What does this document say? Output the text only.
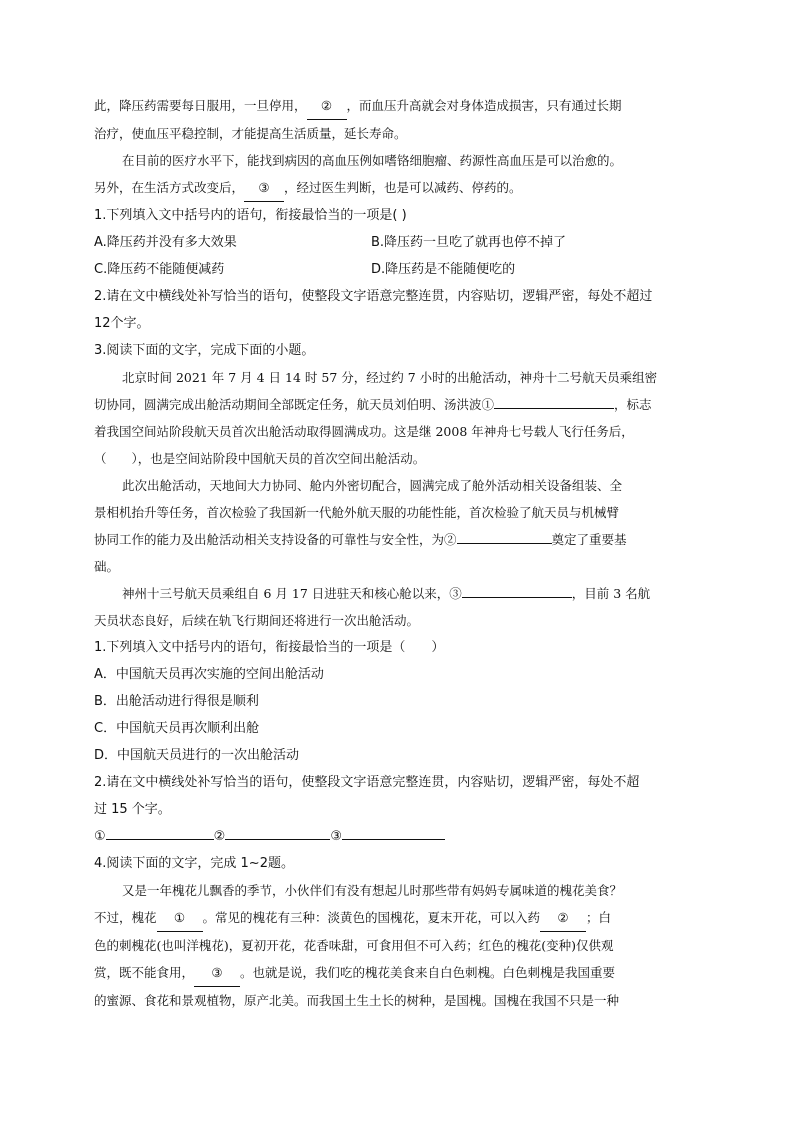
此，降压药需要每日服用，一旦停用， ② ，而血压升高就会对身体造成损害，只有通过长期

治疗，使血压平稳控制，才能提高生活质量，延长寿命。

在目前的医疗水平下，能找到病因的高血压例如嗜铬细胞瘤、药源性高血压是可以治愈的。

另外，在生活方式改变后， ③ ，经过医生判断，也是可以减药、停药的。

1.下列填入文中括号内的语句，衔接最恰当的一项是( )

A.降压药并没有多大效果	B.降压药一旦吃了就再也停不掉了
C.降压药不能随便减药	D.降压药是不能随便吃的

2.请在文中横线处补写恰当的语句，使整段文字语意完整连贯，内容贴切，逻辑严密，每处不超过

12个字。

3.阅读下面的文字，完成下面的小题。

北京时间 2021 年 7 月 4 日 14 时 57 分，经过约 7 小时的出舱活动，神舟十二号航天员乘组密

切协同，圆满完成出舱活动期间全部既定任务，航天员刘伯明、汤洪波①	，标志

着我国空间站阶段航天员首次出舱活动取得圆满成功。这是继 2008 年神舟七号载人飞行任务后，

（　　），也是空间站阶段中国航天员的首次空间出舱活动。

此次出舱活动，天地间大力协同、舱内外密切配合，圆满完成了舱外活动相关设备组装、全

景相机抬升等任务，首次检验了我国新一代舱外航天服的功能性能，首次检验了航天员与机械臂

协同工作的能力及出舱活动相关支持设备的可靠性与安全性，为②	奠定了重要基

础。

神州十三号航天员乘组自 6 月 17 日进驻天和核心舱以来，③	，目前 3 名航

天员状态良好，后续在轨飞行期间还将进行一次出舱活动。

1.下列填入文中括号内的语句，衔接最恰当的一项是（　　）

A．中国航天员再次实施的空间出舱活动

B．出舱活动进行得很是顺利

C．中国航天员再次顺利出舱

D．中国航天员进行的一次出舱活动

2.请在文中横线处补写恰当的语句，使整段文字语意完整连贯，内容贴切，逻辑严密，每处不超

过 15 个字。

①	②	③

4.阅读下面的文字，完成 1~2题。

又是一年槐花儿飘香的季节，小伙伴们有没有想起儿时那些带有妈妈专属味道的槐花美食？

不过，槐花 ① 。常见的槐花有三种：淡黄色的国槐花，夏末开花，可以入药 ② ；白

色的刺槐花(也叫洋槐花)，夏初开花，花香味甜，可食用但不可入药；红色的槐花(变种)仅供观

赏，既不能食用， ③ 。也就是说，我们吃的槐花美食来自白色刺槐。白色刺槐是我国重要

的蜜源、食花和景观植物，原产北美。而我国土生土长的树种，是国槐。国槐在我国不只是一种
